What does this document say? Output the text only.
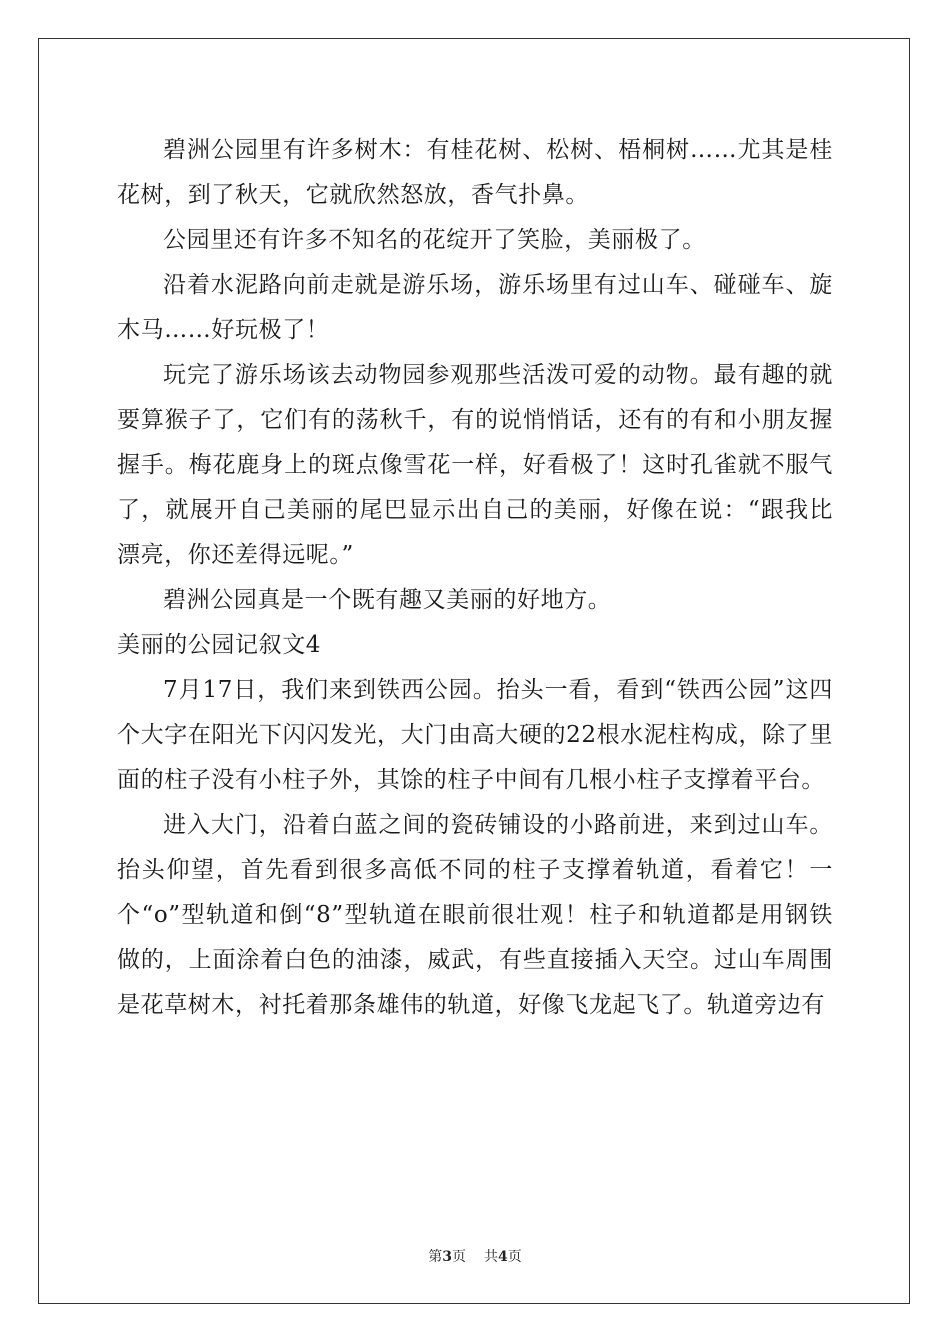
碧洲公园里有许多树木：有桂花树、松树、梧桐树……尤其是桂花树，到了秋天，它就欣然怒放，香气扑鼻。

公园里还有许多不知名的花绽开了笑脸，美丽极了。

沿着水泥路向前走就是游乐场，游乐场里有过山车、碰碰车、旋木马……好玩极了！

玩完了游乐场该去动物园参观那些活泼可爱的动物。最有趣的就要算猴子了，它们有的荡秋千，有的说悄悄话，还有的有和小朋友握握手。梅花鹿身上的斑点像雪花一样，好看极了！这时孔雀就不服气了，就展开自己美丽的尾巴显示出自己的美丽，好像在说：“跟我比漂亮，你还差得远呢。”

碧洲公园真是一个既有趣又美丽的好地方。

美丽的公园记叙文4

7月17日，我们来到铁西公园。抬头一看，看到“铁西公园”这四个大字在阳光下闪闪发光，大门由高大硬的22根水泥柱构成，除了里面的柱子没有小柱子外，其馀的柱子中间有几根小柱子支撑着平台。

进入大门，沿着白蓝之间的瓷砖铺设的小路前进，来到过山车。抬头仰望，首先看到很多高低不同的柱子支撑着轨道，看着它！一个“o”型轨道和倒“8”型轨道在眼前很壮观！柱子和轨道都是用钢铁做的，上面涂着白色的油漆，威武，有些直接插入天空。过山车周围是花草树木，衬托着那条雄伟的轨道，好像飞龙起飞了。轨道旁边有

第3页 共4页
